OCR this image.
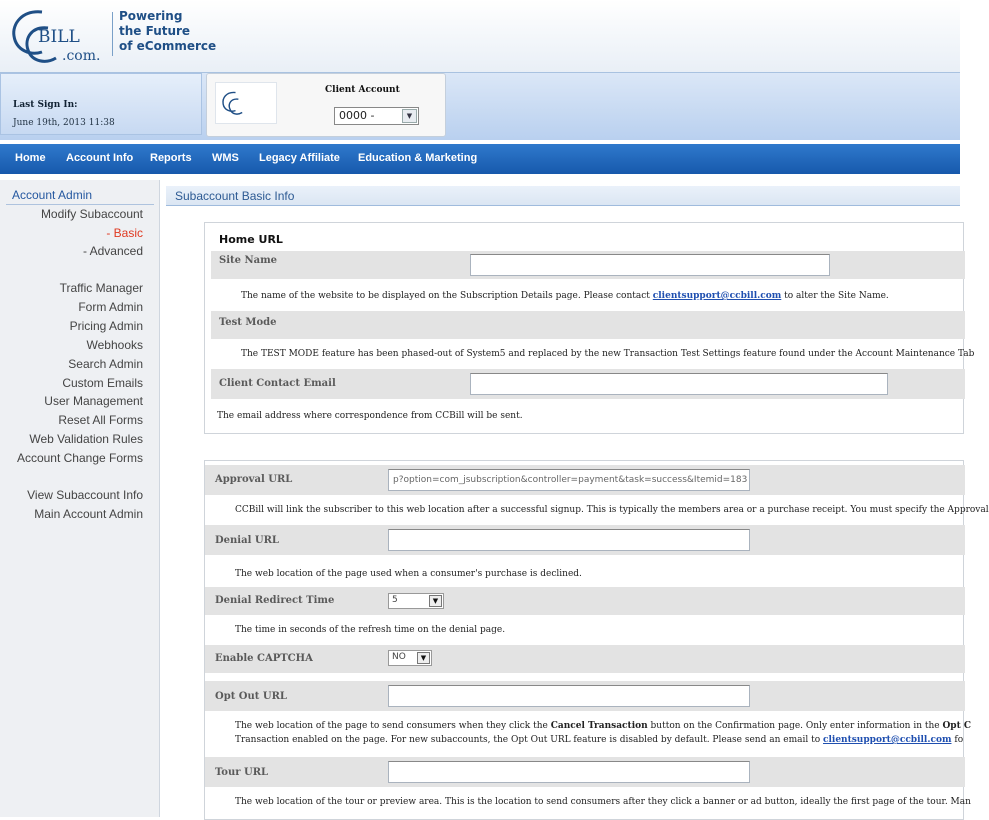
BILL
.com.
Powering
the Future
of eCommerce
Last Sign In:
June 19th, 2013 11:38
Client Account
0000 -	▼
Home Account Info Reports WMS Legacy Affiliate Education & Marketing
Account Admin
Modify Subaccount
- Basic
- Advanced
Traffic Manager
Form Admin
Pricing Admin
Webhooks
Search Admin
Custom Emails
User Management
Reset All Forms
Web Validation Rules
Account Change Forms
View Subaccount Info
Main Account Admin
Subaccount Basic Info
Home URL
Site Name
The name of the website to be displayed on the Subscription Details page. Please contact clientsupport@ccbill.com to alter the Site Name.
Test Mode
The TEST MODE feature has been phased-out of System5 and replaced by the new Transaction Test Settings feature found under the Account Maintenance Tab
Client Contact Email
The email address where correspondence from CCBill will be sent.
Approval URL	p?option=com_jsubscription&controller=payment&task=success&Itemid=183
CCBill will link the subscriber to this web location after a successful signup. This is typically the members area or a purchase receipt. You must specify the Approval
Denial URL
The web location of the page used when a consumer's purchase is declined.
Denial Redirect Time	5	▼
The time in seconds of the refresh time on the denial page.
Enable CAPTCHA	NO	▼
Opt Out URL
The web location of the page to send consumers when they click the Cancel Transaction button on the Confirmation page. Only enter information in the Opt C
Transaction enabled on the page. For new subaccounts, the Opt Out URL feature is disabled by default. Please send an email to clientsupport@ccbill.com fo
Tour URL
The web location of the tour or preview area. This is the location to send consumers after they click a banner or ad button, ideally the first page of the tour. Man
